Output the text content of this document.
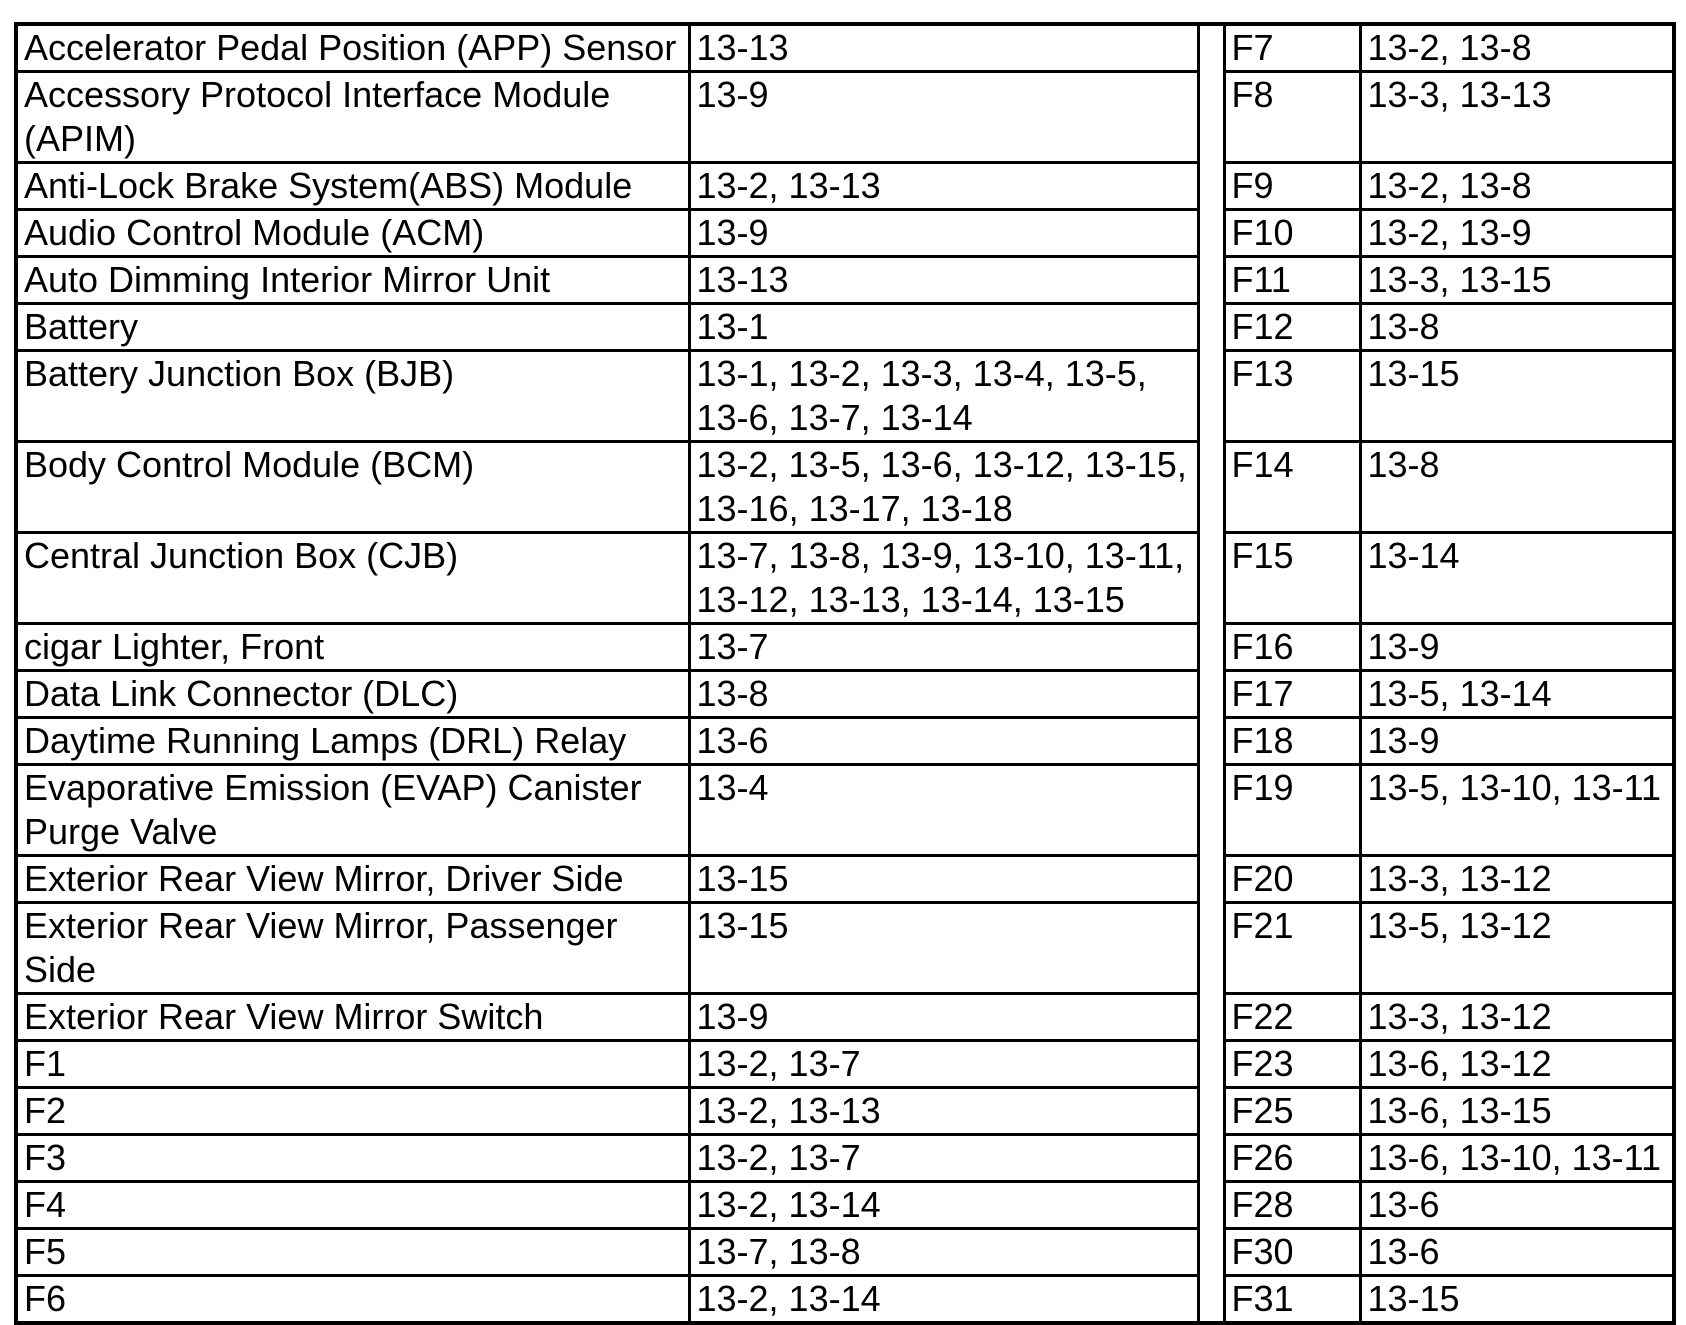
Accelerator Pedal Position (APP) Sensor	13-13		F7	13-2, 13-8
Accessory Protocol Interface Module (APIM)	13-9		F8	13-3, 13-13
Anti-Lock Brake System(ABS) Module	13-2, 13-13		F9	13-2, 13-8
Audio Control Module (ACM)	13-9		F10	13-2, 13-9
Auto Dimming Interior Mirror Unit	13-13		F11	13-3, 13-15
Battery	13-1		F12	13-8
Battery Junction Box (BJB)	13-1, 13-2, 13-3, 13-4, 13-5, 13-6, 13-7, 13-14		F13	13-15
Body Control Module (BCM)	13-2, 13-5, 13-6, 13-12, 13-15, 13-16, 13-17, 13-18		F14	13-8
Central Junction Box (CJB)	13-7, 13-8, 13-9, 13-10, 13-11, 13-12, 13-13, 13-14, 13-15		F15	13-14
cigar Lighter, Front	13-7		F16	13-9
Data Link Connector (DLC)	13-8		F17	13-5, 13-14
Daytime Running Lamps (DRL) Relay	13-6		F18	13-9
Evaporative Emission (EVAP) Canister Purge Valve	13-4		F19	13-5, 13-10, 13-11
Exterior Rear View Mirror, Driver Side	13-15		F20	13-3, 13-12
Exterior Rear View Mirror, Passenger Side	13-15		F21	13-5, 13-12
Exterior Rear View Mirror Switch	13-9		F22	13-3, 13-12
F1	13-2, 13-7		F23	13-6, 13-12
F2	13-2, 13-13		F25	13-6, 13-15
F3	13-2, 13-7		F26	13-6, 13-10, 13-11
F4	13-2, 13-14		F28	13-6
F5	13-7, 13-8		F30	13-6
F6	13-2, 13-14		F31	13-15
